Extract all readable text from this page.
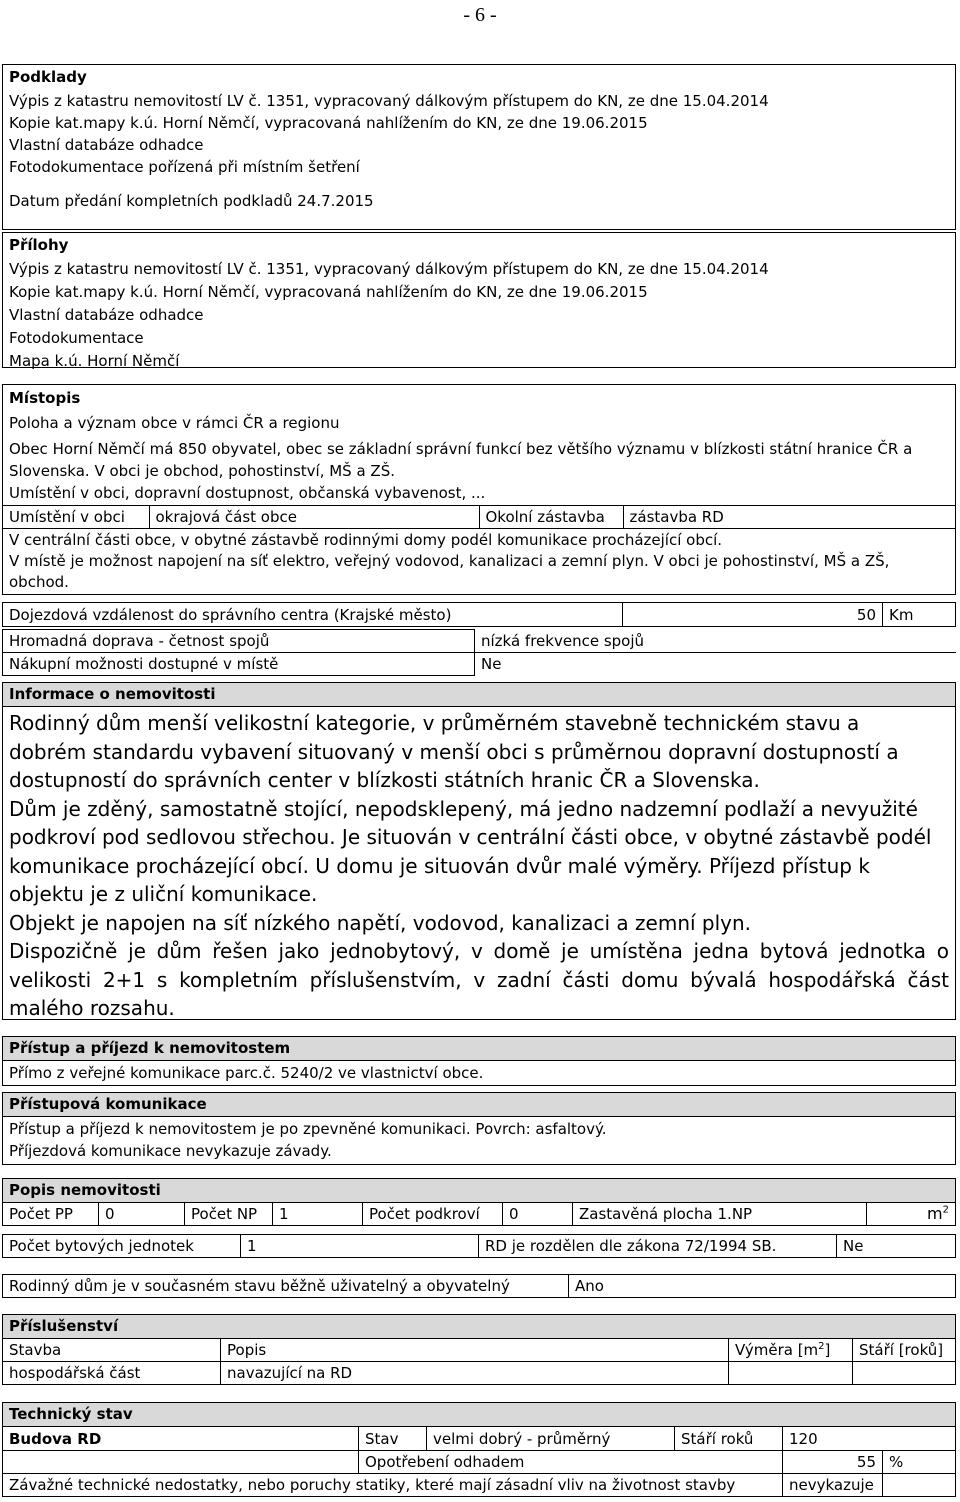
- 6 -
Podklady
Výpis z katastru nemovitostí LV č. 1351, vypracovaný dálkovým přístupem do KN, ze dne 15.04.2014
Kopie kat.mapy k.ú. Horní Němčí, vypracovaná nahlížením do KN, ze dne 19.06.2015
Vlastní databáze odhadce
Fotodokumentace pořízená při místním šetření
Datum předání kompletních podkladů 24.7.2015
Přílohy
Výpis z katastru nemovitostí LV č. 1351, vypracovaný dálkovým přístupem do KN, ze dne 15.04.2014
Kopie kat.mapy k.ú. Horní Němčí, vypracovaná nahlížením do KN, ze dne 19.06.2015
Vlastní databáze odhadce
Fotodokumentace
Mapa k.ú. Horní Němčí
Místopis
Poloha a význam obce v rámci ČR a regionu
Obec Horní Němčí má 850 obyvatel, obec se základní správní funkcí bez většího významu v blízkosti státní hranice ČR a Slovenska. V obci je obchod, pohostinství, MŠ a ZŠ.
Umístění v obci, dopravní dostupnost, občanská vybavenost, ...
Umístění v obci	okrajová část obce	Okolní zástavba	zástavba RD
V centrální části obce, v obytné zástavbě rodinnými domy podél komunikace procházející obcí.
V místě je možnost napojení na síť elektro, veřejný vodovod, kanalizaci a zemní plyn. V obci je pohostinství, MŠ a ZŠ, obchod.
Dojezdová vzdálenost do správního centra (Krajské město)	50	Km
Hromadná doprava - četnost spojů	nízká frekvence spojů
Nákupní možnosti dostupné v místě	Ne
Informace o nemovitosti
Rodinný dům menší velikostní kategorie, v průměrném stavebně technickém stavu a dobrém standardu vybavení situovaný v menší obci s průměrnou dopravní dostupností a dostupností do správních center v blízkosti státních hranic ČR a Slovenska.
Dům je zděný, samostatně stojící, nepodsklepený, má jedno nadzemní podlaží a nevyužité podkroví pod sedlovou střechou. Je situován v centrální části obce, v obytné zástavbě podél komunikace procházející obcí. U domu je situován dvůr malé výměry. Příjezd přístup k objektu je z uliční komunikace.
Objekt je napojen na síť nízkého napětí, vodovod, kanalizaci a zemní plyn.
Dispozičně je dům řešen jako jednobytový, v domě je umístěna jedna bytová jednotka o velikosti 2+1 s kompletním příslušenstvím, v zadní části domu bývalá hospodářská část malého rozsahu.
Přístup a příjezd k nemovitostem
Přímo z veřejné komunikace parc.č. 5240/2 ve vlastnictví obce.
Přístupová komunikace
Přístup a příjezd k nemovitostem je po zpevněné komunikaci. Povrch: asfaltový.
Příjezdová komunikace nevykazuje závady.
Popis nemovitosti
Počet PP	0	Počet NP	1	Počet podkroví	0	Zastavěná plocha 1.NP	$m^2$
Počet bytových jednotek	1	RD je rozdělen dle zákona 72/1994 SB.	Ne
Rodinný dům je v současném stavu běžně uživatelný a obyvatelný	Ano
Příslušenství
Stavba	Popis	Výměra $[m^2]$	Stáří [roků]
hospodářská část	navazující na RD		
Technický stav
Budova RD	Stav	velmi dobrý - průměrný	Stáří roků	120	
	Opotřebení odhadem			55	%
Závažné technické nedostatky, nebo poruchy statiky, které mají zásadní vliv na životnost stavby				nevykazuje	
